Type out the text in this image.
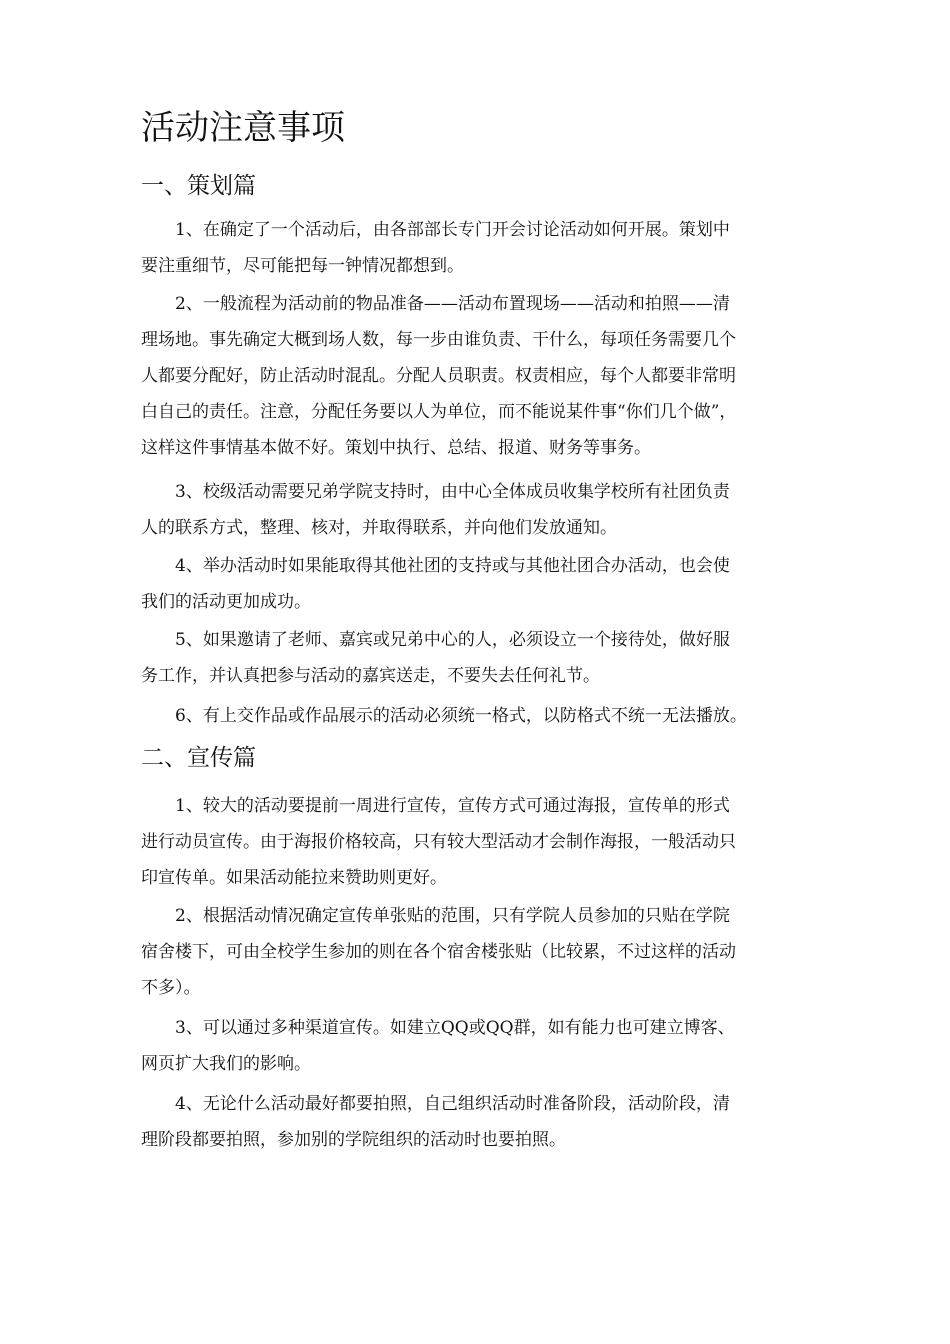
活动注意事项
一、策划篇

1、在确定了一个活动后，由各部部长专门开会讨论活动如何开展。策划中
要注重细节，尽可能把每一钟情况都想到。

2、一般流程为活动前的物品准备——活动布置现场——活动和拍照——清
理场地。事先确定大概到场人数，每一步由谁负责、干什么，每项任务需要几个
人都要分配好，防止活动时混乱。分配人员职责。权责相应，每个人都要非常明
白自己的责任。注意，分配任务要以人为单位，而不能说某件事“你们几个做”，
这样这件事情基本做不好。策划中执行、总结、报道、财务等事务。

3、校级活动需要兄弟学院支持时，由中心全体成员收集学校所有社团负责
人的联系方式，整理、核对，并取得联系，并向他们发放通知。

4、举办活动时如果能取得其他社团的支持或与其他社团合办活动，也会使
我们的活动更加成功。

5、如果邀请了老师、嘉宾或兄弟中心的人，必须设立一个接待处，做好服
务工作，并认真把参与活动的嘉宾送走，不要失去任何礼节。

6、有上交作品或作品展示的活动必须统一格式，以防格式不统一无法播放。

二、宣传篇

1、较大的活动要提前一周进行宣传，宣传方式可通过海报，宣传单的形式
进行动员宣传。由于海报价格较高，只有较大型活动才会制作海报，一般活动只
印宣传单。如果活动能拉来赞助则更好。

2、根据活动情况确定宣传单张贴的范围，只有学院人员参加的只贴在学院
宿舍楼下，可由全校学生参加的则在各个宿舍楼张贴（比较累，不过这样的活动
不多）。

3、可以通过多种渠道宣传。如建立QQ或QQ群，如有能力也可建立博客、
网页扩大我们的影响。

4、无论什么活动最好都要拍照，自己组织活动时准备阶段，活动阶段，清
理阶段都要拍照，参加别的学院组织的活动时也要拍照。
